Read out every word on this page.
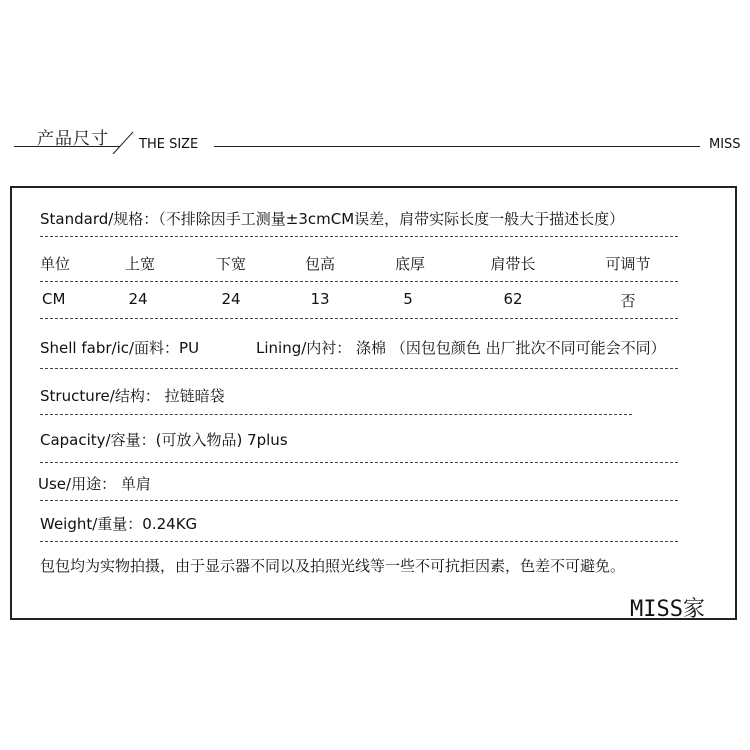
产品尺寸 THE SIZE	MISS
Standard/规格：（不排除因手工测量±3cmCM误差，肩带实际长度一般大于描述长度）
单位	上宽	下宽	包高	底厚	肩带长	可调节
CM	24	24	13	5	62	否
Shell fabr/ic/面料：PU	Lining/内衬： 涤棉 （因包包颜色 出厂批次不同可能会不同）
Structure/结构： 拉链暗袋
Capacity/容量：(可放入物品) 7plus
Use/用途： 单肩
Weight/重量：0.24KG
包包均为实物拍摄，由于显示器不同以及拍照光线等一些不可抗拒因素，色差不可避免。
MISS家
